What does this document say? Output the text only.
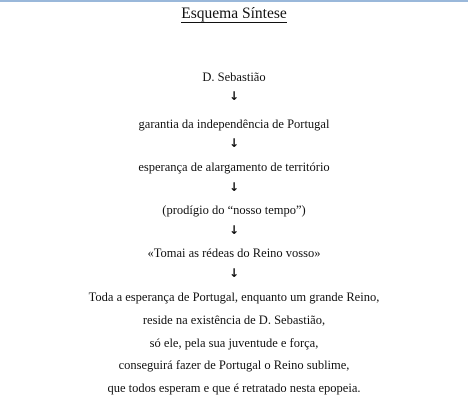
Esquema Síntese
D. Sebastião
↓
garantia da independência de Portugal
↓
esperança de alargamento de território
↓
(prodígio do “nosso tempo”)
↓
«Tomai as rédeas do Reino vosso»
↓
Toda a esperança de Portugal, enquanto um grande Reino,
reside na existência de D. Sebastião,
só ele, pela sua juventude e força,
conseguirá fazer de Portugal o Reino sublime,
que todos esperam e que é retratado nesta epopeia.
